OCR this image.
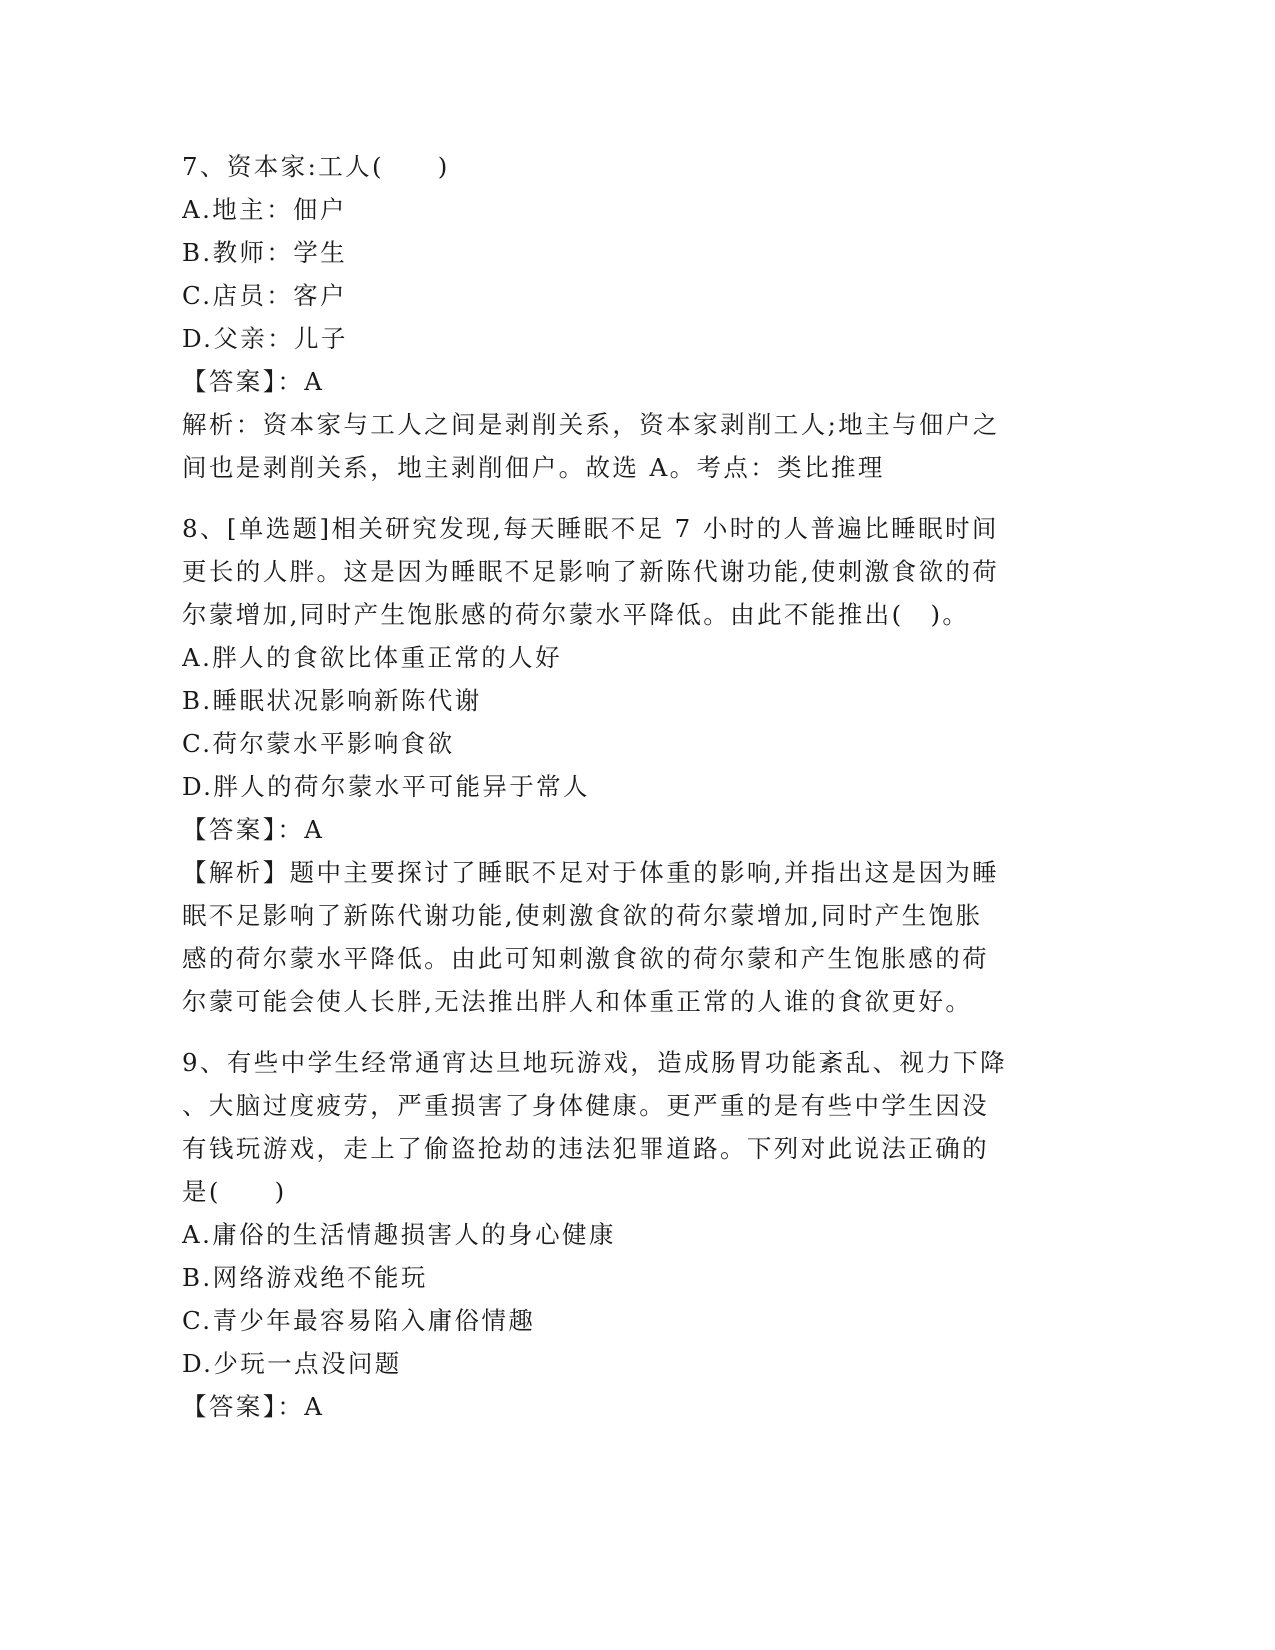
7、资本家:工人(　　)
A.地主：佃户
B.教师：学生
C.店员：客户
D.父亲：儿子
【答案】：A
解析：资本家与工人之间是剥削关系，资本家剥削工人;地主与佃户之
间也是剥削关系，地主剥削佃户。故选 A。考点：类比推理
8、[单选题]相关研究发现,每天睡眠不足 7 小时的人普遍比睡眠时间
更长的人胖。这是因为睡眠不足影响了新陈代谢功能,使刺激食欲的荷
尔蒙增加,同时产生饱胀感的荷尔蒙水平降低。由此不能推出(　)。
A.胖人的食欲比体重正常的人好
B.睡眠状况影响新陈代谢
C.荷尔蒙水平影响食欲
D.胖人的荷尔蒙水平可能异于常人
【答案】：A
【解析】题中主要探讨了睡眠不足对于体重的影响,并指出这是因为睡
眠不足影响了新陈代谢功能,使刺激食欲的荷尔蒙增加,同时产生饱胀
感的荷尔蒙水平降低。由此可知刺激食欲的荷尔蒙和产生饱胀感的荷
尔蒙可能会使人长胖,无法推出胖人和体重正常的人谁的食欲更好。
9、有些中学生经常通宵达旦地玩游戏，造成肠胃功能紊乱、视力下降
、大脑过度疲劳，严重损害了身体健康。更严重的是有些中学生因没
有钱玩游戏，走上了偷盗抢劫的违法犯罪道路。下列对此说法正确的
是(　　)
A.庸俗的生活情趣损害人的身心健康
B.网络游戏绝不能玩
C.青少年最容易陷入庸俗情趣
D.少玩一点没问题
【答案】：A
